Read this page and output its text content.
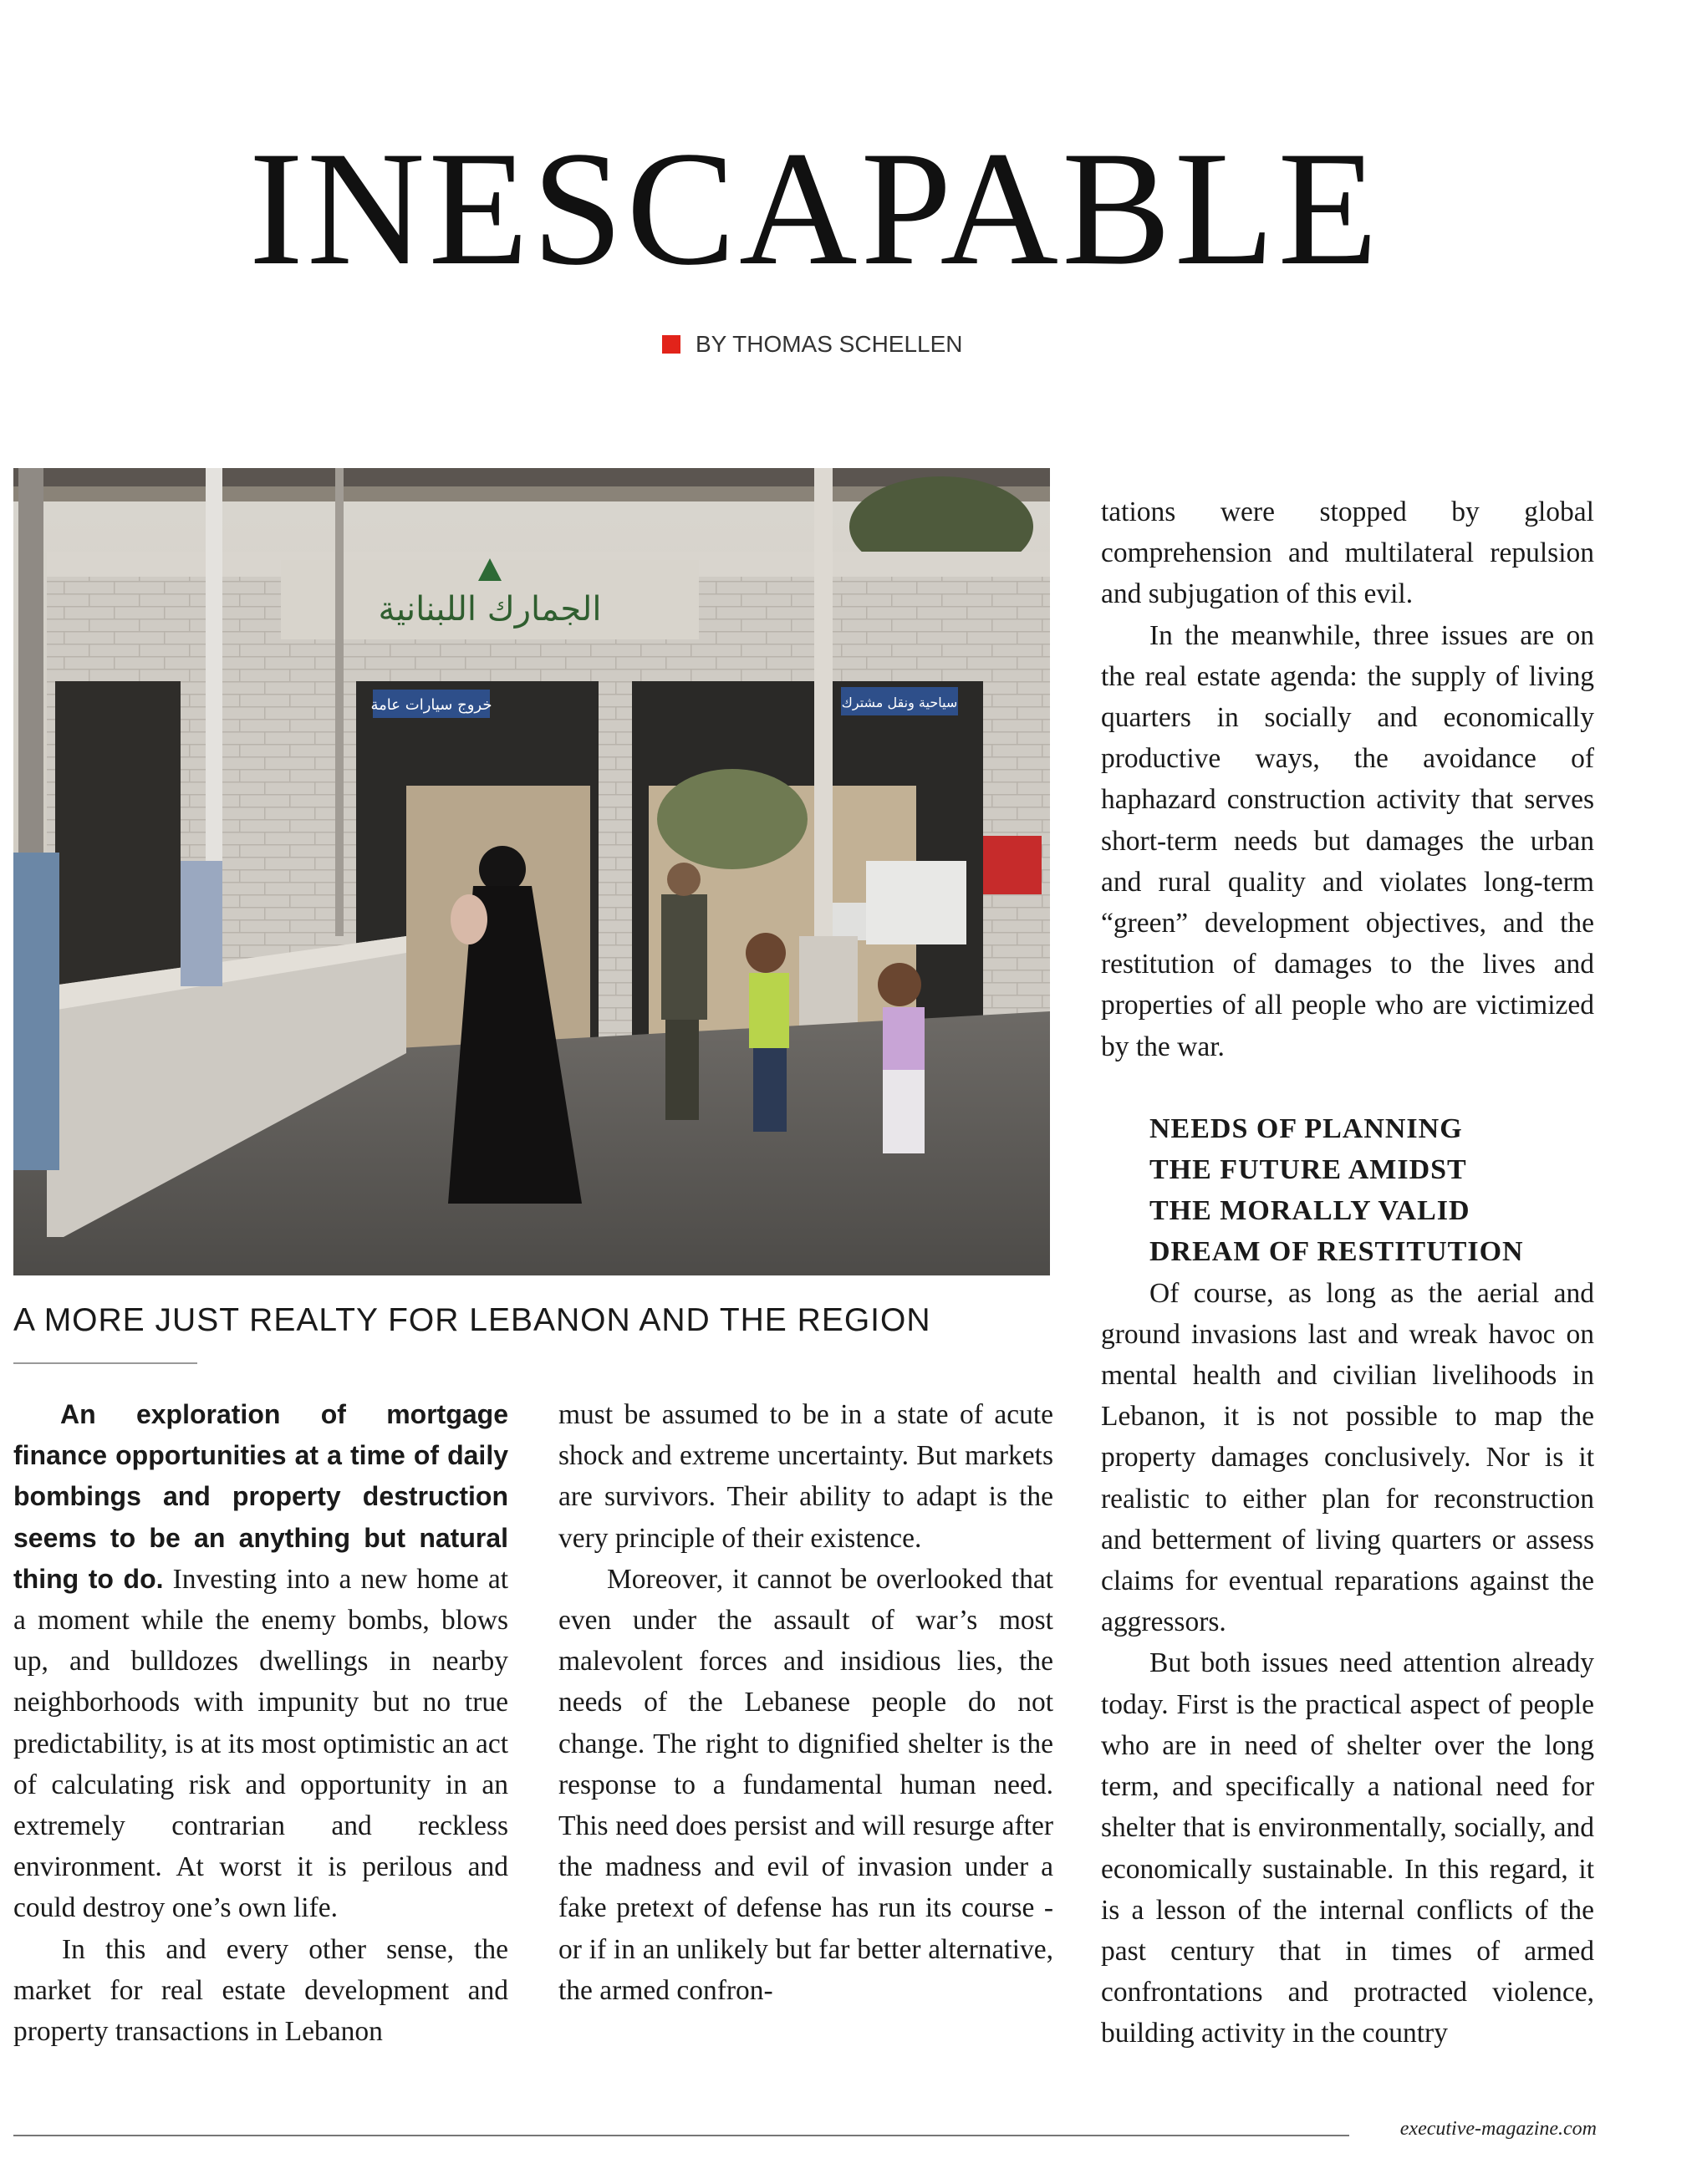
INESCAPABLE
BY THOMAS SCHELLEN
الجمارك اللبنانية
خروج سيارات عامة	سياحية ونقل مشترك
A MORE JUST REALTY FOR LEBANON AND THE REGION

An exploration of mortgage finance opportunities at a time of daily bombings and property destruction seems to be an anything but natural thing to do. Investing into a new home at a moment while the enemy bombs, blows up, and bulldozes dwellings in nearby neighborhoods with impunity but no true predictability, is at its most optimistic an act of calculating risk and opportunity in an extremely contrarian and reckless environment. At worst it is perilous and could destroy one’s own life.

In this and every other sense, the market for real estate development and property transactions in Lebanon

must be assumed to be in a state of acute shock and extreme uncertainty. But markets are survivors. Their ability to adapt is the very principle of their existence.

Moreover, it cannot be overlooked that even under the assault of war’s most malevolent forces and insidious lies, the needs of the Lebanese people do not change. The right to dignified shelter is the response to a fundamental human need. This need does persist and will resurge after the madness and evil of invasion under a fake pretext of defense has run its course - or if in an unlikely but far better alternative, the armed confron-

tations were stopped by global comprehension and multilateral repulsion and subjugation of this evil.

In the meanwhile, three issues are on the real estate agenda: the supply of living quarters in socially and economically productive ways, the avoidance of haphazard construction activity that serves short-term needs but damages the urban and rural quality and violates long-term “green” development objectives, and the restitution of damages to the lives and properties of all people who are victimized by the war.

NEEDS OF PLANNING

THE FUTURE AMIDST

THE MORALLY VALID

DREAM OF RESTITUTION

Of course, as long as the aerial and ground invasions last and wreak havoc on mental health and civilian livelihoods in Lebanon, it is not possible to map the property damages conclusively. Nor is it realistic to either plan for reconstruction and betterment of living quarters or assess claims for eventual reparations against the aggressors.

But both issues need attention already today. First is the practical aspect of people who are in need of shelter over the long term, and specifically a national need for shelter that is environmentally, socially, and economically sustainable. In this regard, it is a lesson of the internal conflicts of the past century that in times of armed confrontations and protracted violence, building activity in the country

executive-magazine.com
